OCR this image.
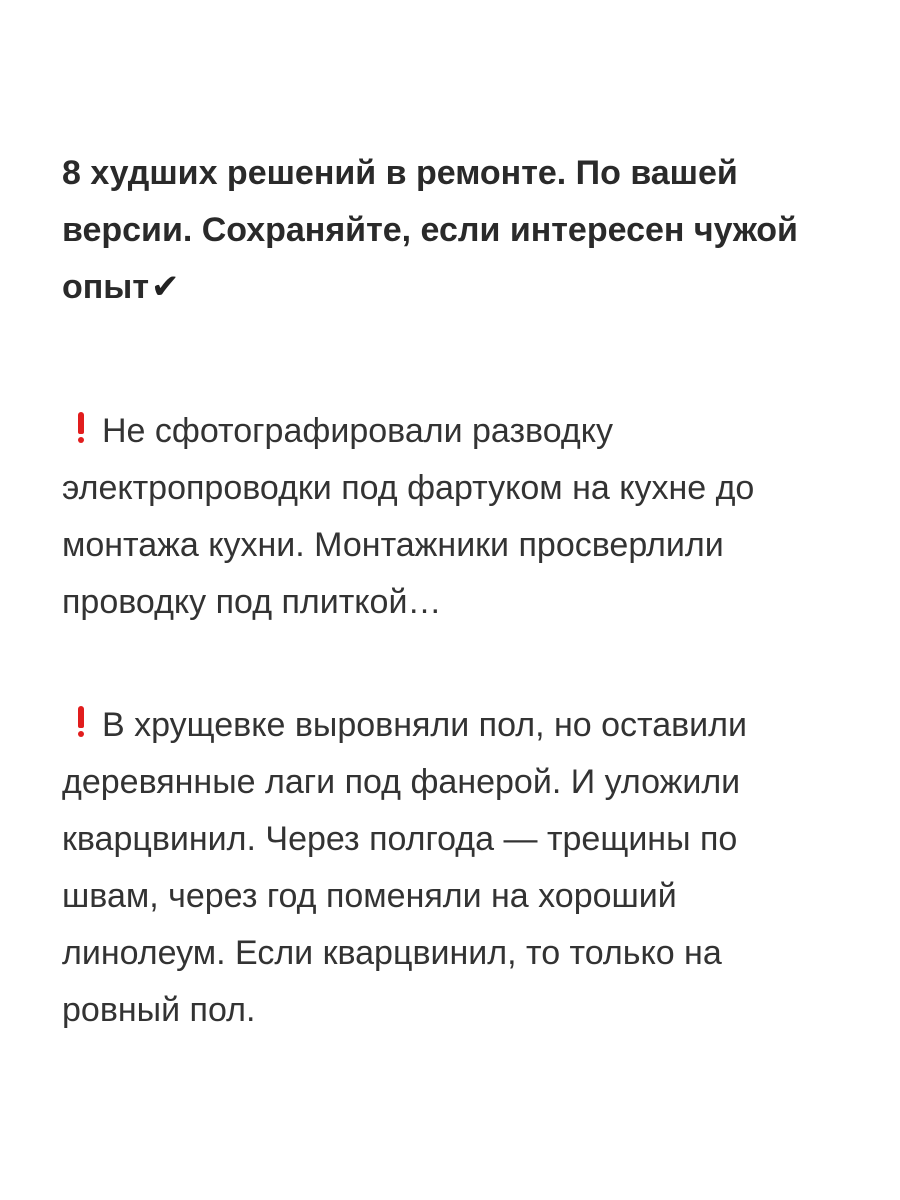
8 худших решений в ремонте. По вашей версии. Сохраняйте, если интересен чужой опыт✔

Не сфотографировали разводку электропроводки под фартуком на кухне до монтажа кухни. Монтажники просверлили проводку под плиткой…

В хрущевке выровняли пол, но оставили деревянные лаги под фанерой. И уложили кварцвинил. Через полгода — трещины по швам, через год поменяли на хороший линолеум. Если кварцвинил, то только на ровный пол.
